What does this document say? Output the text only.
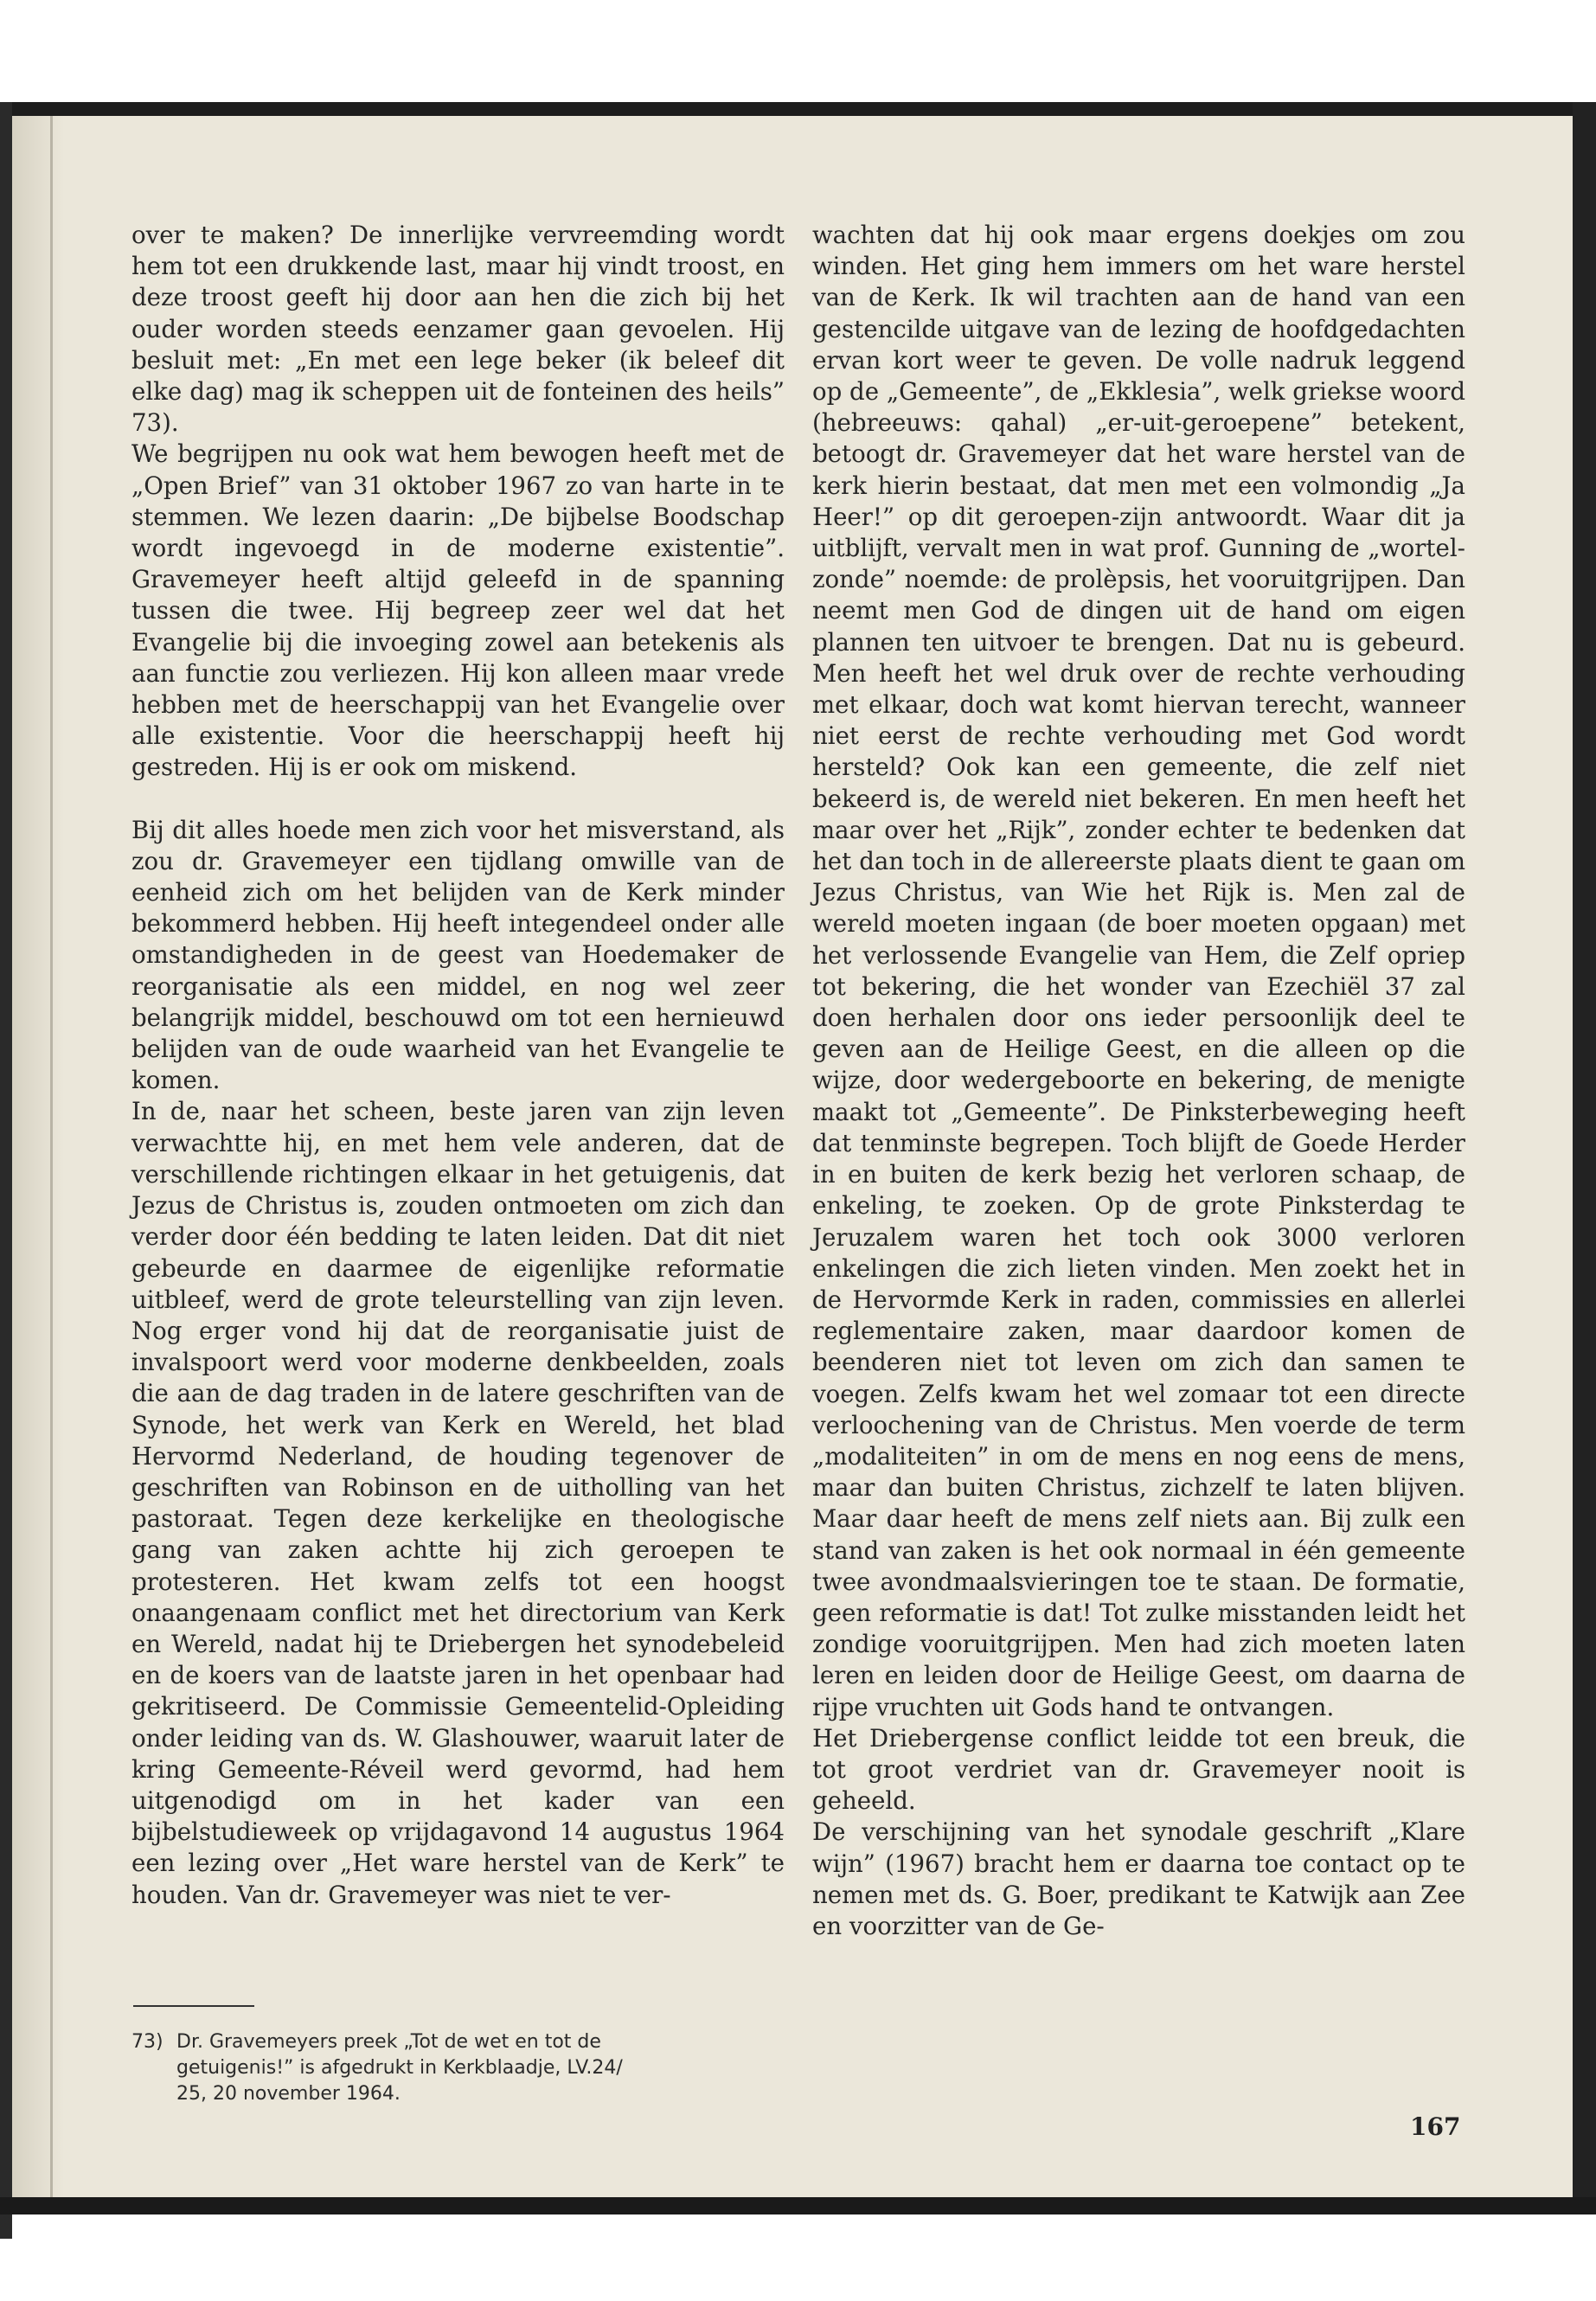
over te maken? De innerlijke vervreemding wordt hem tot een drukkende last, maar hij vindt troost, en deze troost geeft hij door aan hen die zich bij het ouder worden steeds eenzamer gaan gevoelen. Hij besluit met: „En met een lege beker (ik beleef dit elke dag) mag ik scheppen uit de fonteinen des heils” 73).

We begrijpen nu ook wat hem bewogen heeft met de „Open Brief” van 31 oktober 1967 zo van harte in te stemmen. We lezen daarin: „De bijbelse Boodschap wordt ingevoegd in de moderne existentie”. Gravemeyer heeft altijd geleefd in de spanning tussen die twee. Hij begreep zeer wel dat het Evangelie bij die invoeging zowel aan betekenis als aan functie zou verliezen. Hij kon alleen maar vrede hebben met de heerschappij van het Evangelie over alle existentie. Voor die heerschappij heeft hij gestreden. Hij is er ook om miskend.

Bij dit alles hoede men zich voor het misverstand, als zou dr. Gravemeyer een tijdlang omwille van de eenheid zich om het belijden van de Kerk minder bekommerd hebben. Hij heeft integendeel onder alle omstandigheden in de geest van Hoedemaker de reorganisatie als een middel, en nog wel zeer belangrijk middel, beschouwd om tot een hernieuwd belijden van de oude waarheid van het Evangelie te komen.

In de, naar het scheen, beste jaren van zijn leven verwachtte hij, en met hem vele anderen, dat de verschillende richtingen elkaar in het getuigenis, dat Jezus de Christus is, zouden ontmoeten om zich dan verder door één bedding te laten leiden. Dat dit niet gebeurde en daarmee de eigenlijke reformatie uitbleef, werd de grote teleurstelling van zijn leven. Nog erger vond hij dat de reorganisatie juist de invalspoort werd voor moderne denkbeelden, zoals die aan de dag traden in de latere geschriften van de Synode, het werk van Kerk en Wereld, het blad Hervormd Nederland, de houding tegenover de geschriften van Robinson en de uitholling van het pastoraat. Tegen deze kerkelijke en theologische gang van zaken achtte hij zich geroepen te protesteren. Het kwam zelfs tot een hoogst onaangenaam conflict met het directorium van Kerk en Wereld, nadat hij te Driebergen het synodebeleid en de koers van de laatste jaren in het openbaar had gekritiseerd. De Commissie Gemeentelid-Opleiding onder leiding van ds. W. Glashouwer, waaruit later de kring Gemeente-Réveil werd gevormd, had hem uitgenodigd om in het kader van een bijbelstudieweek op vrijdagavond 14 augustus 1964 een lezing over „Het ware herstel van de Kerk” te houden. Van dr. Gravemeyer was niet te ver-

wachten dat hij ook maar ergens doekjes om zou winden. Het ging hem immers om het ware herstel van de Kerk. Ik wil trachten aan de hand van een gestencilde uitgave van de lezing de hoofdgedachten ervan kort weer te geven. De volle nadruk leggend op de „Gemeente”, de „Ekklesia”, welk griekse woord (hebreeuws: qahal) „er-uit-geroepene” betekent, betoogt dr. Gravemeyer dat het ware herstel van de kerk hierin bestaat, dat men met een volmondig „Ja Heer!” op dit geroepen-zijn antwoordt. Waar dit ja uitblijft, vervalt men in wat prof. Gunning de „wortel-zonde” noemde: de prolèpsis, het vooruitgrijpen. Dan neemt men God de dingen uit de hand om eigen plannen ten uitvoer te brengen. Dat nu is gebeurd. Men heeft het wel druk over de rechte verhouding met elkaar, doch wat komt hiervan terecht, wanneer niet eerst de rechte verhouding met God wordt hersteld? Ook kan een gemeente, die zelf niet bekeerd is, de wereld niet bekeren. En men heeft het maar over het „Rijk”, zonder echter te bedenken dat het dan toch in de allereerste plaats dient te gaan om Jezus Christus, van Wie het Rijk is. Men zal de wereld moeten ingaan (de boer moeten opgaan) met het verlossende Evangelie van Hem, die Zelf opriep tot bekering, die het wonder van Ezechiël 37 zal doen herhalen door ons ieder persoonlijk deel te geven aan de Heilige Geest, en die alleen op die wijze, door wedergeboorte en bekering, de menigte maakt tot „Gemeente”. De Pinksterbeweging heeft dat tenminste begrepen. Toch blijft de Goede Herder in en buiten de kerk bezig het verloren schaap, de enkeling, te zoeken. Op de grote Pinksterdag te Jeruzalem waren het toch ook 3000 verloren enkelingen die zich lieten vinden. Men zoekt het in de Hervormde Kerk in raden, commissies en allerlei reglementaire zaken, maar daardoor komen de beenderen niet tot leven om zich dan samen te voegen. Zelfs kwam het wel zomaar tot een directe verloochening van de Christus. Men voerde de term „modaliteiten” in om de mens en nog eens de mens, maar dan buiten Christus, zichzelf te laten blijven. Maar daar heeft de mens zelf niets aan. Bij zulk een stand van zaken is het ook normaal in één gemeente twee avondmaalsvieringen toe te staan. De formatie, geen reformatie is dat! Tot zulke misstanden leidt het zondige vooruitgrijpen. Men had zich moeten laten leren en leiden door de Heilige Geest, om daarna de rijpe vruchten uit Gods hand te ontvangen.

Het Driebergense conflict leidde tot een breuk, die tot groot verdriet van dr. Gravemeyer nooit is geheeld.

De verschijning van het synodale geschrift „Klare wijn” (1967) bracht hem er daarna toe contact op te nemen met ds. G. Boer, predikant te Katwijk aan Zee en voorzitter van de Ge-

73) Dr. Gravemeyers preek „Tot de wet en tot de
getuigenis!” is afgedrukt in Kerkblaadje, LV.24/
25, 20 november 1964.
167
